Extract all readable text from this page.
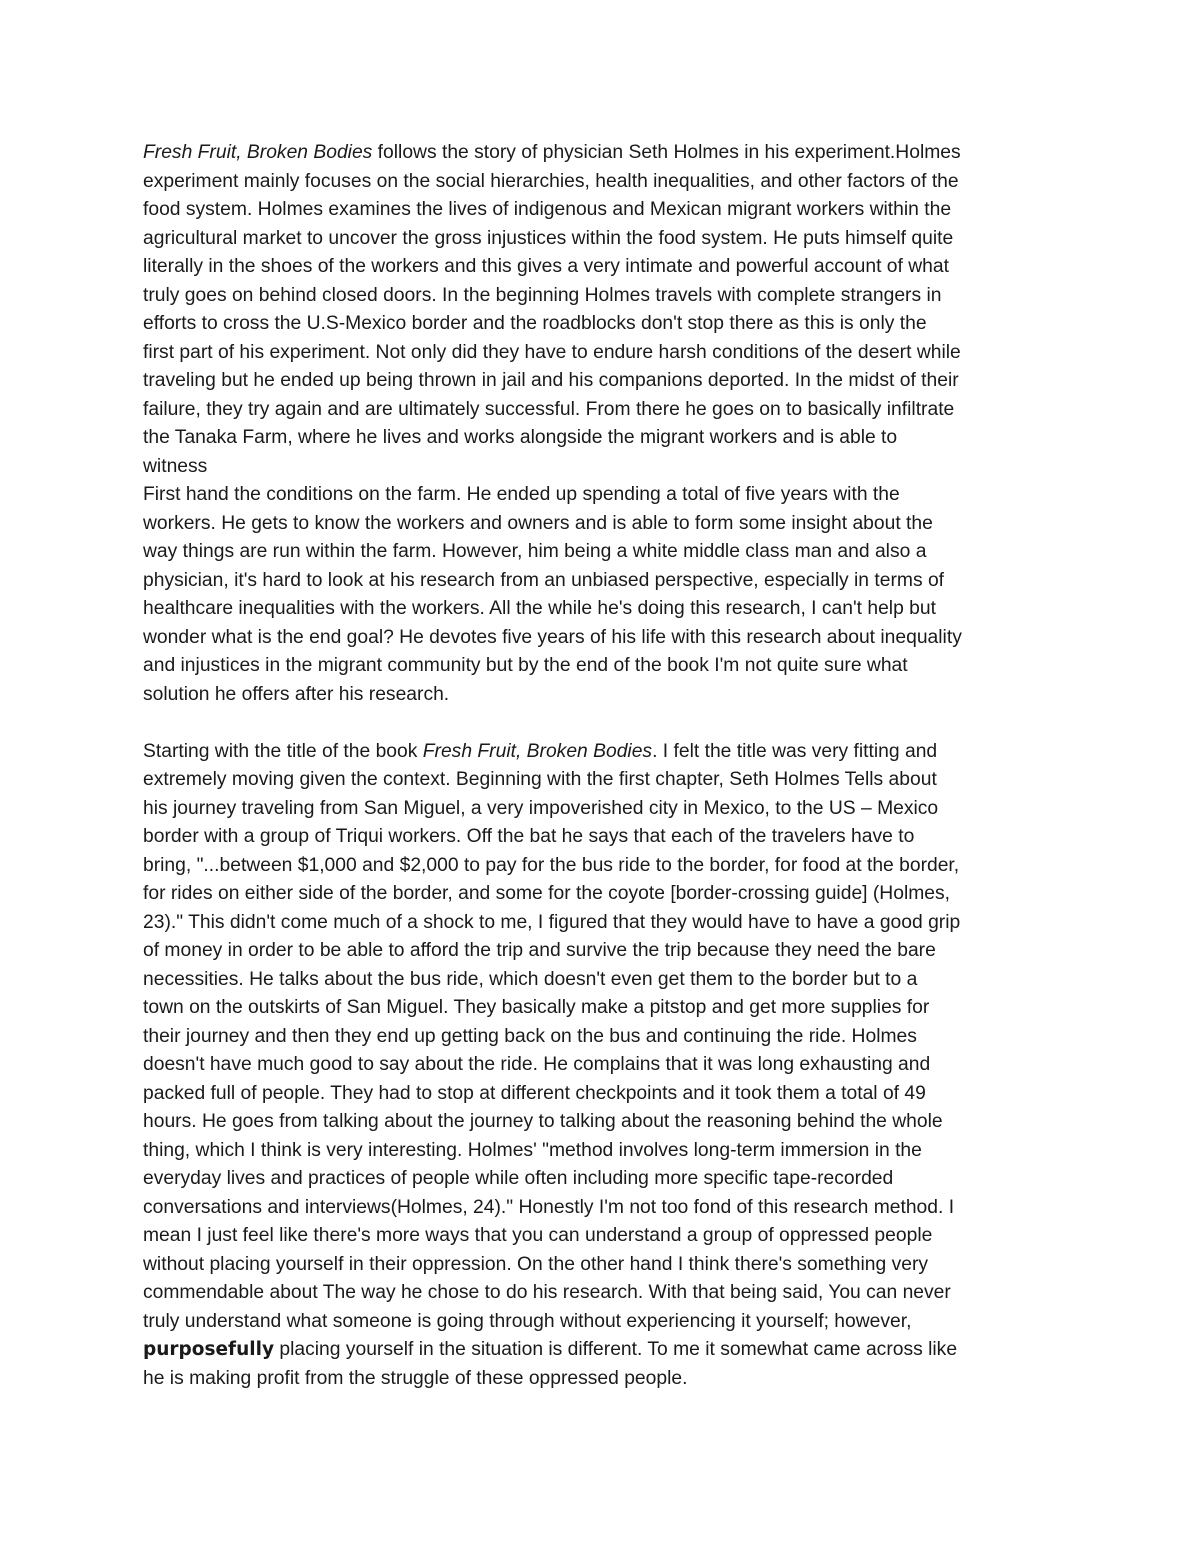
Fresh Fruit, Broken Bodies follows the story of physician Seth Holmes in his experiment.Holmes
experiment mainly focuses on the social hierarchies, health inequalities, and other factors of the
food system. Holmes examines the lives of indigenous and Mexican migrant workers within the
agricultural market to uncover the gross injustices within the food system. He puts himself quite
literally in the shoes of the workers and this gives a very intimate and powerful account of what
truly goes on behind closed doors. In the beginning Holmes travels with complete strangers in
efforts to cross the U.S-Mexico border and the roadblocks don't stop there as this is only the
first part of his experiment. Not only did they have to endure harsh conditions of the desert while
traveling but he ended up being thrown in jail and his companions deported. In the midst of their
failure, they try again and are ultimately successful. From there he goes on to basically infiltrate
the Tanaka Farm, where he lives and works alongside the migrant workers and is able to
witness
First hand the conditions on the farm. He ended up spending a total of five years with the
workers. He gets to know the workers and owners and is able to form some insight about the
way things are run within the farm. However, him being a white middle class man and also a
physician, it's hard to look at his research from an unbiased perspective, especially in terms of
healthcare inequalities with the workers. All the while he's doing this research, I can't help but
wonder what is the end goal? He devotes five years of his life with this research about inequality
and injustices in the migrant community but by the end of the book I'm not quite sure what
solution he offers after his research.
Starting with the title of the book Fresh Fruit, Broken Bodies. I felt the title was very fitting and
extremely moving given the context. Beginning with the first chapter, Seth Holmes Tells about
his journey traveling from San Miguel, a very impoverished city in Mexico, to the US – Mexico
border with a group of Triqui workers. Off the bat he says that each of the travelers have to
bring, "...between $1,000 and $2,000 to pay for the bus ride to the border, for food at the border,
for rides on either side of the border, and some for the coyote [border-crossing guide] (Holmes,
23)." This didn't come much of a shock to me, I figured that they would have to have a good grip
of money in order to be able to afford the trip and survive the trip because they need the bare
necessities. He talks about the bus ride, which doesn't even get them to the border but to a
town on the outskirts of San Miguel. They basically make a pitstop and get more supplies for
their journey and then they end up getting back on the bus and continuing the ride. Holmes
doesn't have much good to say about the ride. He complains that it was long exhausting and
packed full of people. They had to stop at different checkpoints and it took them a total of 49
hours. He goes from talking about the journey to talking about the reasoning behind the whole
thing, which I think is very interesting. Holmes' "method involves long-term immersion in the
everyday lives and practices of people while often including more specific tape-recorded
conversations and interviews(Holmes, 24)." Honestly I'm not too fond of this research method. I
mean I just feel like there's more ways that you can understand a group of oppressed people
without placing yourself in their oppression. On the other hand I think there's something very
commendable about The way he chose to do his research. With that being said, You can never
truly understand what someone is going through without experiencing it yourself; however,
purposefully placing yourself in the situation is different. To me it somewhat came across like
he is making profit from the struggle of these oppressed people.
